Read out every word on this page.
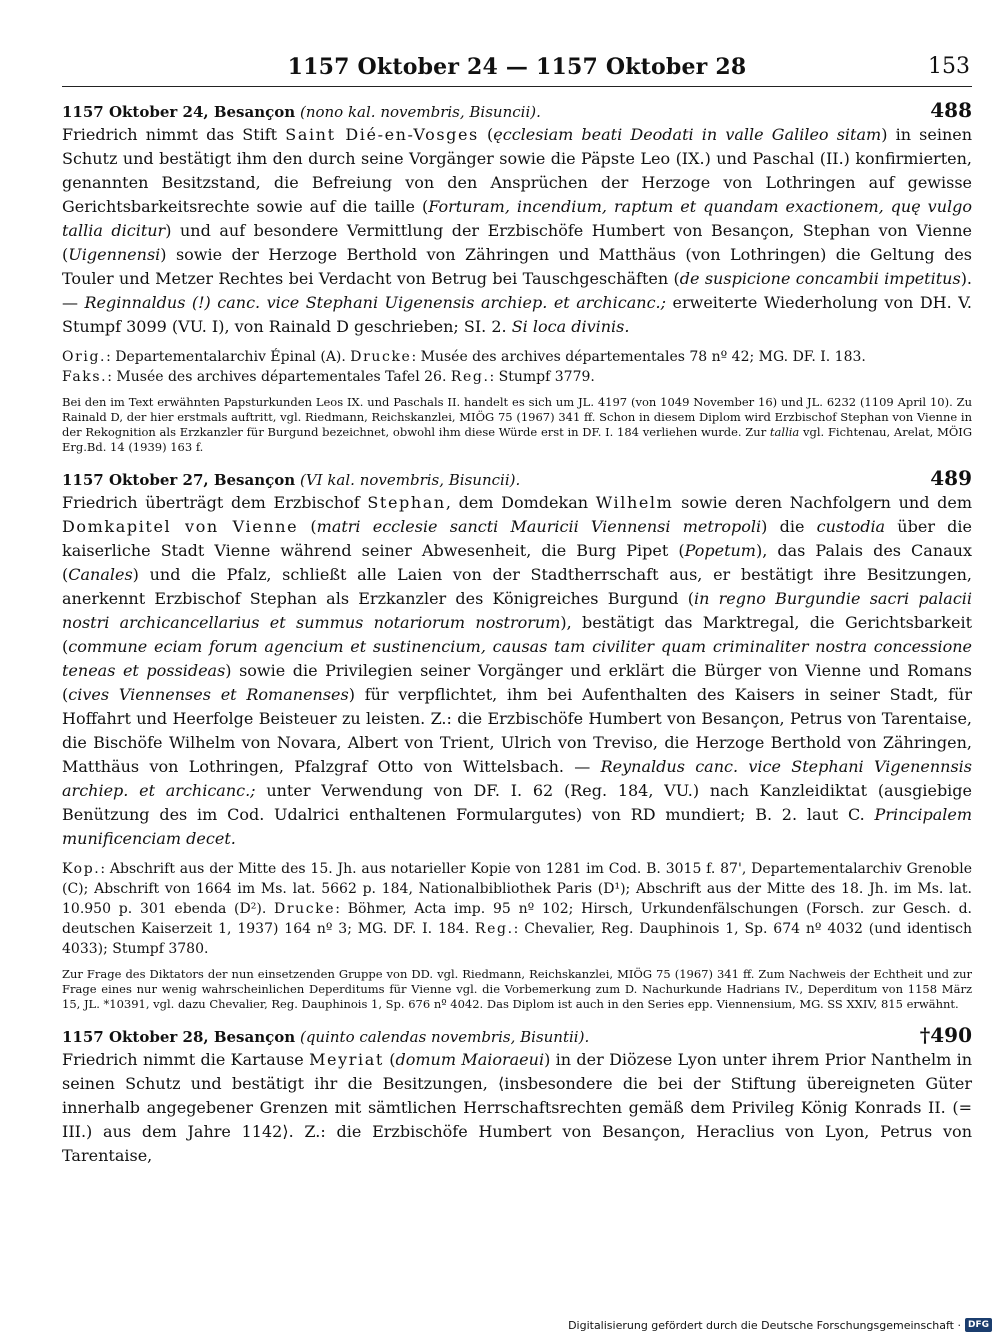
1157 Oktober 24 — 1157 Oktober 28	153
1157 Oktober 24, Besançon (nono kal. novembris, Bisuncii).	488

Friedrich nimmt das Stift Saint Dié-en-Vosges (ęcclesiam beati Deodati in valle Galileo sitam) in seinen Schutz und bestätigt ihm den durch seine Vorgänger sowie die Päpste Leo (IX.) und Paschal (II.) konfirmierten, genannten Besitzstand, die Befreiung von den Ansprüchen der Herzoge von Lothringen auf gewisse Gerichtsbarkeitsrechte sowie auf die taille (Forturam, incendium, raptum et quandam exactionem, quę vulgo tallia dicitur) und auf besondere Vermittlung der Erzbischöfe Humbert von Besançon, Stephan von Vienne (Uigennensi) sowie der Herzoge Berthold von Zähringen und Matthäus (von Lothringen) die Geltung des Touler und Metzer Rechtes bei Verdacht von Betrug bei Tauschgeschäften (de suspicione concambii impetitus). — Reginnaldus (!) canc. vice Stephani Uigenensis archiep. et archicanc.; erweiterte Wiederholung von DH. V. Stumpf 3099 (VU. I), von Rainald D geschrieben; SI. 2. Si loca divinis.

Orig.: Departementalarchiv Épinal (A). Drucke: Musée des archives départementales 78 nº 42; MG. DF. I. 183.

Faks.: Musée des archives départementales Tafel 26. Reg.: Stumpf 3779.

Bei den im Text erwähnten Papsturkunden Leos IX. und Paschals II. handelt es sich um JL. 4197 (von 1049 November 16) und JL. 6232 (1109 April 10). Zu Rainald D, der hier erstmals auftritt, vgl. Riedmann, Reichskanzlei, MIÖG 75 (1967) 341 ff. Schon in diesem Diplom wird Erzbischof Stephan von Vienne in der Rekognition als Erzkanzler für Burgund bezeichnet, obwohl ihm diese Würde erst in DF. I. 184 verliehen wurde. Zur tallia vgl. Fichtenau, Arelat, MÖIG Erg.Bd. 14 (1939) 163 f.

1157 Oktober 27, Besançon (VI kal. novembris, Bisuncii).	489

Friedrich überträgt dem Erzbischof Stephan, dem Domdekan Wilhelm sowie deren Nachfolgern und dem Domkapitel von Vienne (matri ecclesie sancti Mauricii Viennensi metropoli) die custodia über die kaiserliche Stadt Vienne während seiner Abwesenheit, die Burg Pipet (Popetum), das Palais des Canaux (Canales) und die Pfalz, schließt alle Laien von der Stadtherrschaft aus, er bestätigt ihre Besitzungen, anerkennt Erzbischof Stephan als Erzkanzler des Königreiches Burgund (in regno Burgundie sacri palacii nostri archicancellarius et summus notariorum nostrorum), bestätigt das Marktregal, die Gerichtsbarkeit (commune eciam forum agencium et sustinencium, causas tam civiliter quam criminaliter nostra concessione teneas et possideas) sowie die Privilegien seiner Vorgänger und erklärt die Bürger von Vienne und Romans (cives Viennenses et Romanenses) für verpflichtet, ihm bei Aufenthalten des Kaisers in seiner Stadt, für Hoffahrt und Heerfolge Beisteuer zu leisten. Z.: die Erzbischöfe Humbert von Besançon, Petrus von Tarentaise, die Bischöfe Wilhelm von Novara, Albert von Trient, Ulrich von Treviso, die Herzoge Berthold von Zähringen, Matthäus von Lothringen, Pfalzgraf Otto von Wittelsbach. — Reynaldus canc. vice Stephani Vigenennsis archiep. et archicanc.; unter Verwendung von DF. I. 62 (Reg. 184, VU.) nach Kanzleidiktat (ausgiebige Benützung des im Cod. Udalrici enthaltenen Formulargutes) von RD mundiert; B. 2. laut C. Principalem munificenciam decet.

Kop.: Abschrift aus der Mitte des 15. Jh. aus notarieller Kopie von 1281 im Cod. B. 3015 f. 87', Departementalarchiv Grenoble (C); Abschrift von 1664 im Ms. lat. 5662 p. 184, Nationalbibliothek Paris (D¹); Abschrift aus der Mitte des 18. Jh. im Ms. lat. 10.950 p. 301 ebenda (D²). Drucke: Böhmer, Acta imp. 95 nº 102; Hirsch, Urkundenfälschungen (Forsch. zur Gesch. d. deutschen Kaiserzeit 1, 1937) 164 nº 3; MG. DF. I. 184. Reg.: Chevalier, Reg. Dauphinois 1, Sp. 674 nº 4032 (und identisch 4033); Stumpf 3780.

Zur Frage des Diktators der nun einsetzenden Gruppe von DD. vgl. Riedmann, Reichskanzlei, MIÖG 75 (1967) 341 ff. Zum Nachweis der Echtheit und zur Frage eines nur wenig wahrscheinlichen Deperditums für Vienne vgl. die Vorbemerkung zum D. Nachurkunde Hadrians IV., Deperditum von 1158 März 15, JL. *10391, vgl. dazu Chevalier, Reg. Dauphinois 1, Sp. 676 nº 4042. Das Diplom ist auch in den Series epp. Viennensium, MG. SS XXIV, 815 erwähnt.

1157 Oktober 28, Besançon (quinto calendas novembris, Bisuntii).	†490

Friedrich nimmt die Kartause Meyriat (domum Maioraeui) in der Diözese Lyon unter ihrem Prior Nanthelm in seinen Schutz und bestätigt ihr die Besitzungen, ⟨insbesondere die bei der Stiftung übereigneten Güter innerhalb angegebener Grenzen mit sämtlichen Herrschaftsrechten gemäß dem Privileg König Konrads II. (= III.) aus dem Jahre 1142⟩. Z.: die Erzbischöfe Humbert von Besançon, Heraclius von Lyon, Petrus von Tarentaise,

Digitalisierung gefördert durch die Deutsche Forschungsgemeinschaft · DFG
